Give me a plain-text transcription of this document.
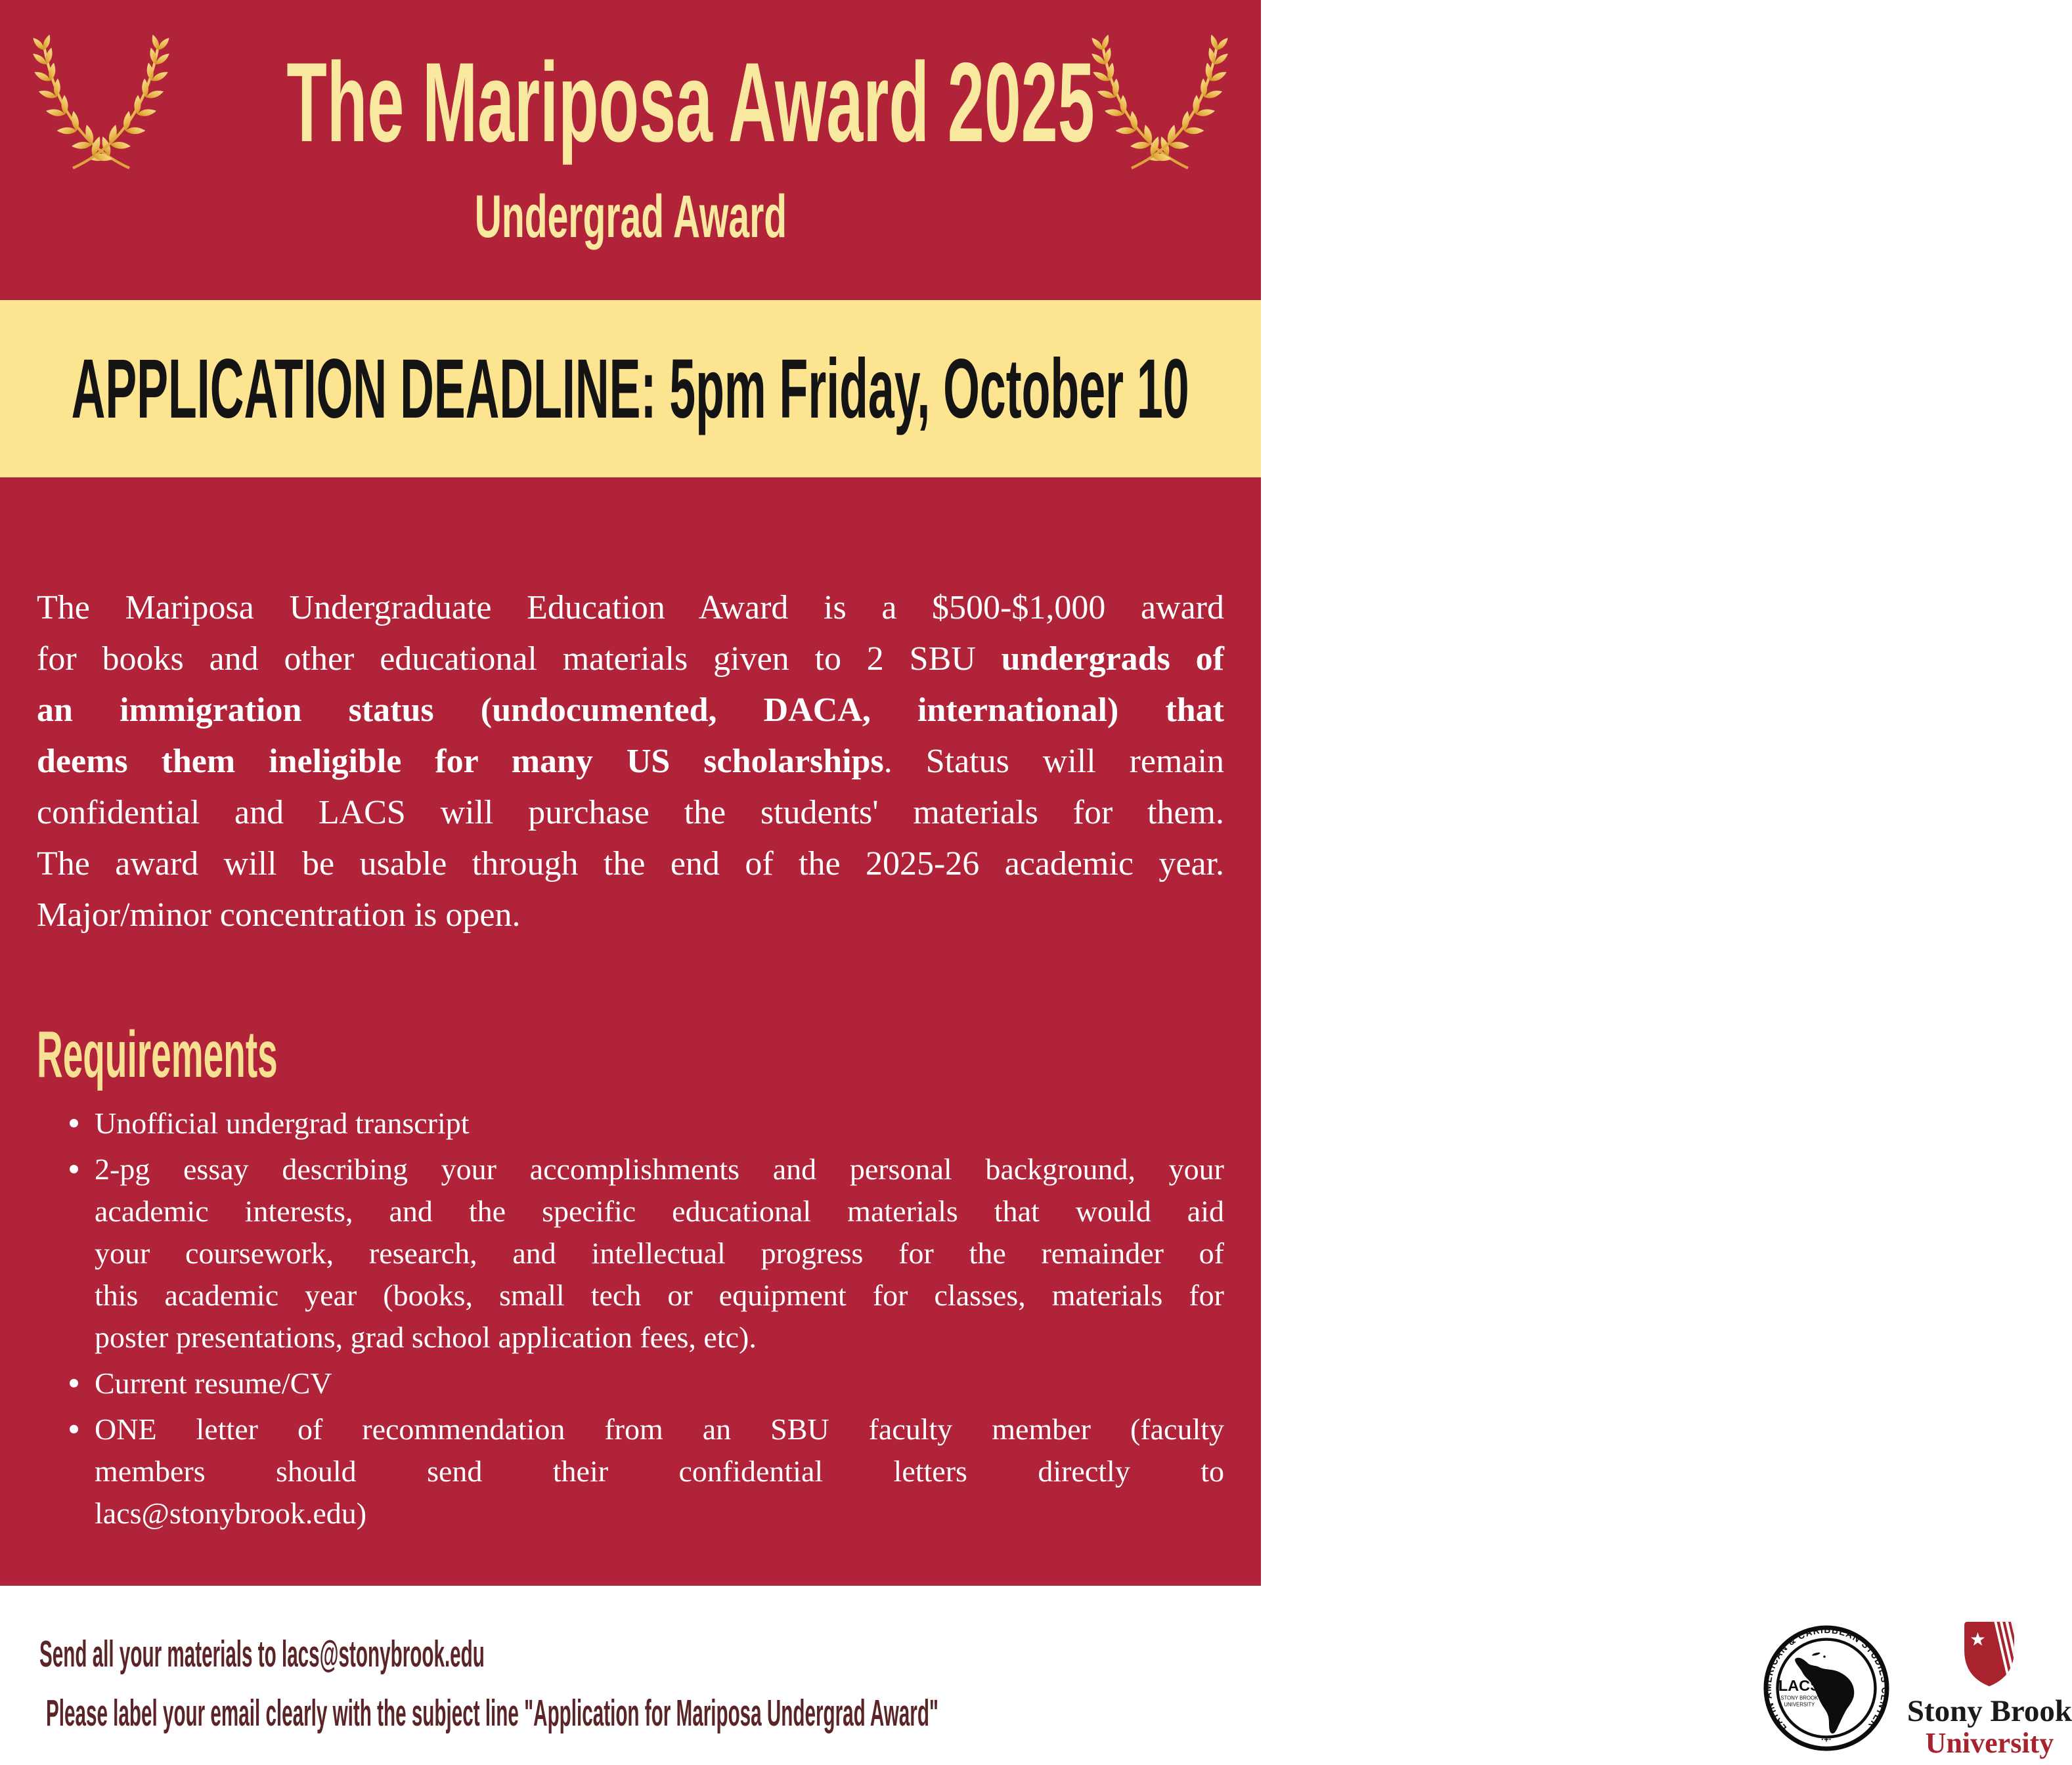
The Mariposa Award 2025
Undergrad Award
APPLICATION DEADLINE: 5pm Friday, October 10
The Mariposa Undergraduate Education Award is a $500-$1,000 award
for books and other educational materials given to 2 SBU undergrads of
an immigration status (undocumented, DACA, international) that
deems them ineligible for many US scholarships. Status will remain
confidential and LACS will purchase the students' materials for them.
The award will be usable through the end of the 2025-26 academic year.
Major/minor concentration is open.
Requirements
Unofficial undergrad transcript
2-pg essay describing your accomplishments and personal background, your
academic interests, and the specific educational materials that would aid
your coursework, research, and intellectual progress for the remainder of
this academic year (books, small tech or equipment for classes, materials for
poster presentations, grad school application fees, etc).
Current resume/CV
ONE letter of recommendation from an SBU faculty member (faculty
members should send their confidential letters directly to
lacs@stonybrook.edu)
Send all your materials to lacs@stonybrook.edu
Please label your email clearly with the subject line "Application for Mariposa Undergrad Award"	LATIN AMERICAN & CARIBBEAN STUDIES CENTER
·+·
LACS
STONY BROOK
UNIVERSITY	Stony Brook
University
